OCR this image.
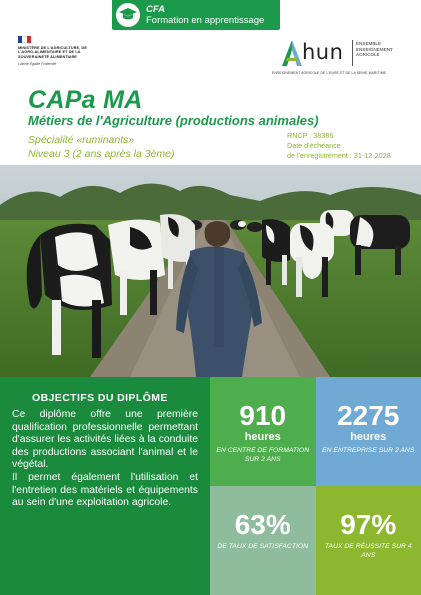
CFA
Formation en apprentissage
MINISTÈRE DE L'AGRICULTURE, DE L'AGRO-ALIMENTAIRE ET DE LA SOUVERAINETÉ ALIMENTAIRE
Liberté Égalité Fraternité
hun	ENSEMBLE ENSEIGNEMENT AGRICOLE
ENSEIGNEMENT AGRICOLE DE L'EURE ET DE LA SEINE-MARITIME
CAPa MA
Métiers de l'Agriculture (productions animales)
Spécialité «ruminants»
Niveau 3 (2 ans après la 3ème)
RNCP : 38386
Date d'échéance
de l'enregistrement : 31-12-2028
OBJECTIFS DU DIPLÔME

Ce diplôme offre une première qualification professionnelle permettant d'assurer les activités liées à la conduite des productions associant l'animal et le végétal.

Il permet également l'utilisation et l'entretien des matériels et équipements au sein d'une exploitation agricole.

910
heures
EN CENTRE DE FORMATION SUR 2 ANS
2275
heures
EN ENTREPRISE SUR 2 ANS
63%
DE TAUX DE SATISFACTION
97%
TAUX DE RÉUSSITE SUR 4 ANS
